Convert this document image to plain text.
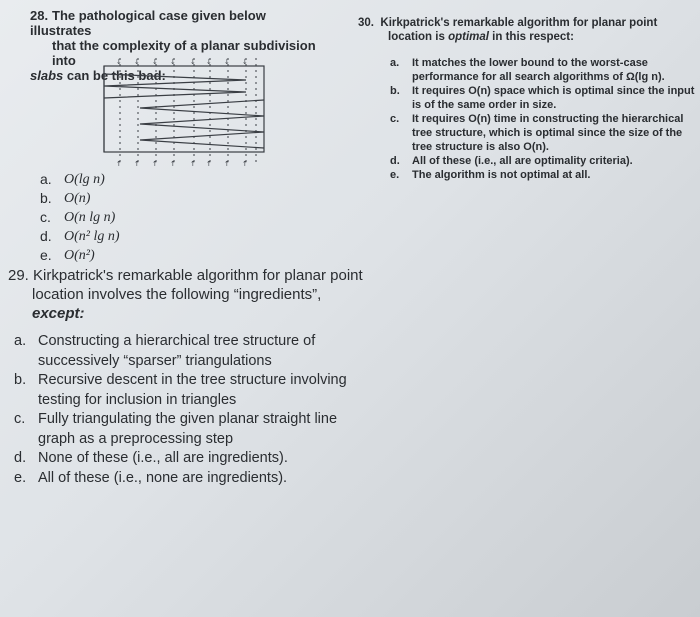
28. The pathological case given below illustrates
that the complexity of a planar subdivision into
slabs can be this bad:
↓ ↓ ↓ ↓ ↓ ↓ ↓ ↓
↑ ↑ ↑ ↑ ↑ ↑ ↑ ↑
a. O(lg n)
b. O(n)
c. O(n lg n)
d. O(n² lg n)
e. O(n²)
29. Kirkpatrick's remarkable algorithm for planar point location involves the following “ingredients”,
except:
a. Constructing a hierarchical tree structure of successively “sparser” triangulations
b. Recursive descent in the tree structure involving testing for inclusion in triangles
c. Fully triangulating the given planar straight line graph as a preprocessing step
d. None of these (i.e., all are ingredients).
e. All of these (i.e., none are ingredients).
30. Kirkpatrick's remarkable algorithm for planar point location is optimal in this respect:
a.	It matches the lower bound to the worst-case performance for all search algorithms of Ω(lg n).
b.	It requires O(n) space which is optimal since the input is of the same order in size.
c.	It requires O(n) time in constructing the hierarchical tree structure, which is optimal since the size of the tree structure is also O(n).
d.	All of these (i.e., all are optimality criteria).
e.	The algorithm is not optimal at all.
